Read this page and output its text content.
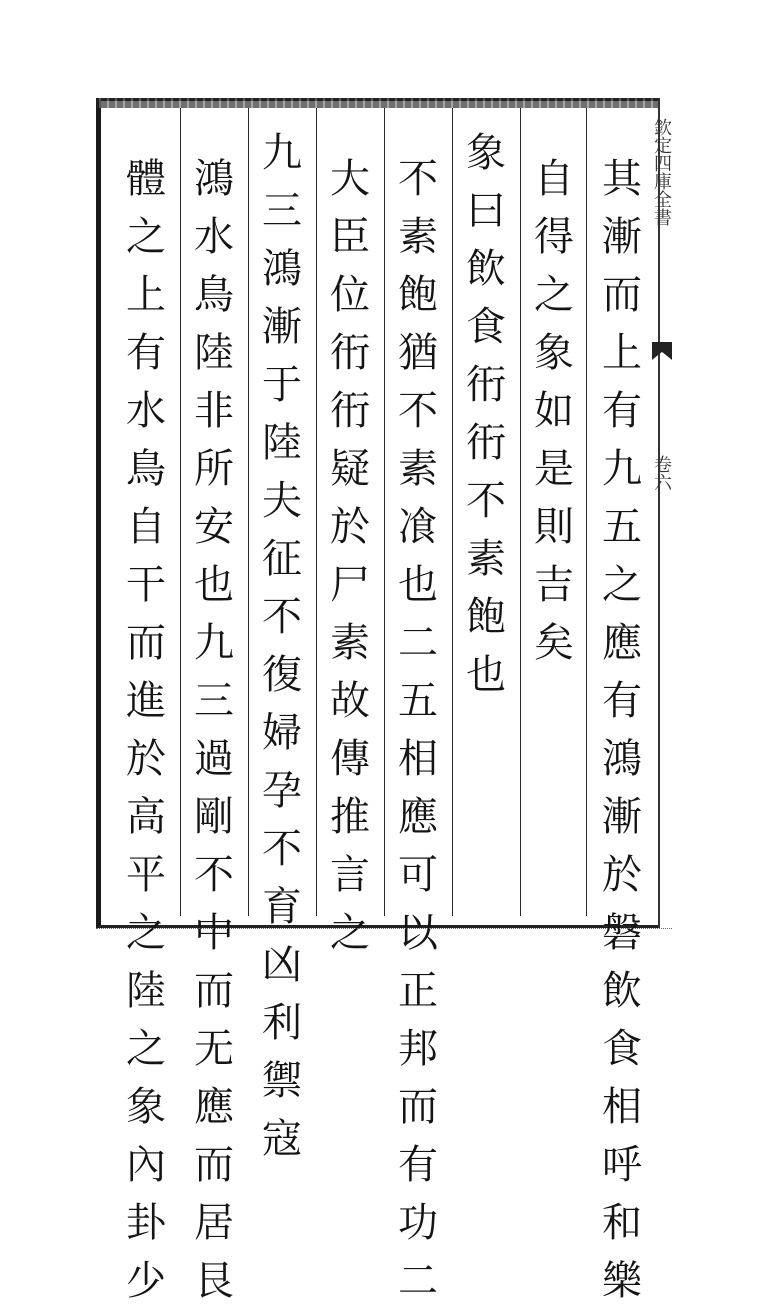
欽定四庫全書
卷六
其漸而上有九五之應有鴻漸於磐飲食相呼和樂
自得之象如是則吉矣
象曰飲食衎衎不素飽也
不素飽猶不素飡也二五相應可以正邦而有功二
大臣位衎衎疑於尸素故傳推言之
九三鴻漸于陸夫征不復婦孕不育凶利禦寇
鴻水鳥陸非所安也九三過剛不中而无應而居艮
體之上有水鳥自干而進於高平之陸之象內卦少
